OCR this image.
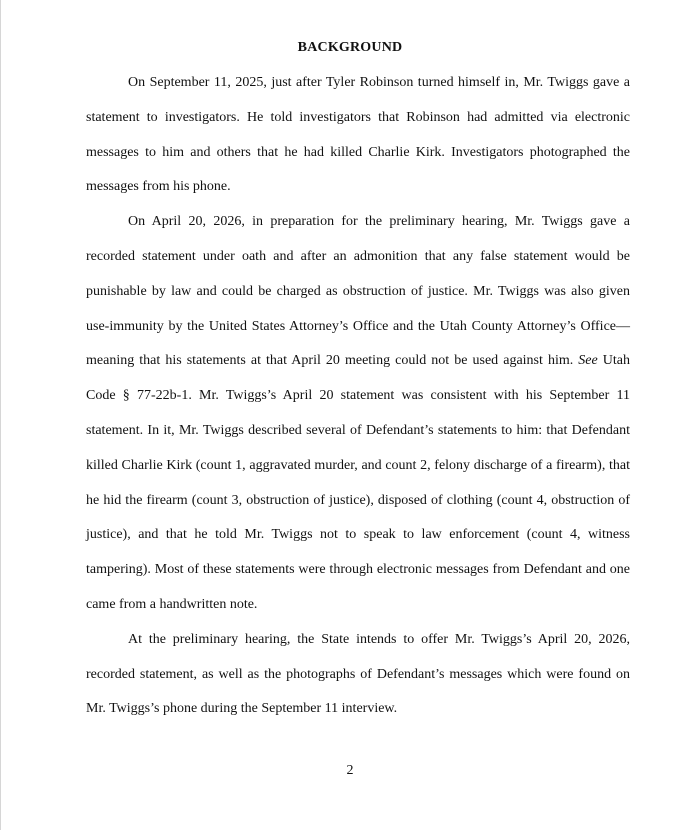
BACKGROUND

On September 11, 2025, just after Tyler Robinson turned himself in, Mr. Twiggs gave a statement to investigators. He told investigators that Robinson had admitted via electronic messages to him and others that he had killed Charlie Kirk. Investigators photographed the messages from his phone.

On April 20, 2026, in preparation for the preliminary hearing, Mr. Twiggs gave a recorded statement under oath and after an admonition that any false statement would be punishable by law and could be charged as obstruction of justice. Mr. Twiggs was also given use-immunity by the United States Attorney’s Office and the Utah County Attorney’s Office—meaning that his statements at that April 20 meeting could not be used against him. See Utah Code § 77-22b-1. Mr. Twiggs’s April 20 statement was consistent with his September 11 statement. In it, Mr. Twiggs described several of Defendant’s statements to him: that Defendant killed Charlie Kirk (count 1, aggravated murder, and count 2, felony discharge of a firearm), that he hid the firearm (count 3, obstruction of justice), disposed of clothing (count 4, obstruction of justice), and that he told Mr. Twiggs not to speak to law enforcement (count 4, witness tampering). Most of these statements were through electronic messages from Defendant and one came from a handwritten note.

At the preliminary hearing, the State intends to offer Mr. Twiggs’s April 20, 2026, recorded statement, as well as the photographs of Defendant’s messages which were found on Mr. Twiggs’s phone during the September 11 interview.

2
